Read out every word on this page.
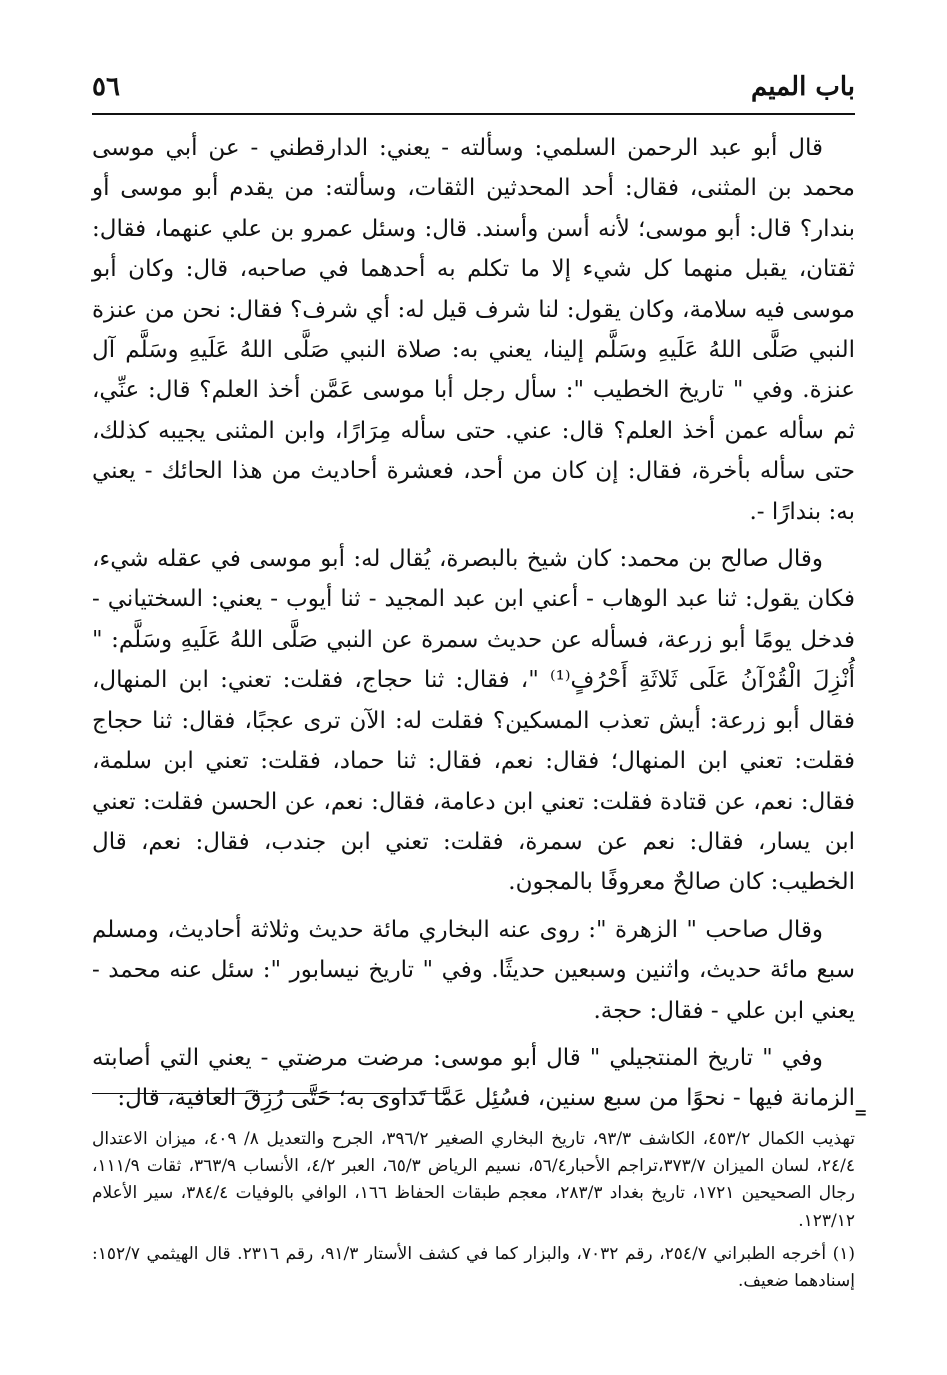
باب الميم
٥٦

قال أبو عبد الرحمن السلمي: وسألته - يعني: الدارقطني - عن أبي موسى محمد بن المثنى، فقال: أحد المحدثين الثقات، وسألته: من يقدم أبو موسى أو بندار؟ قال: أبو موسى؛ لأنه أسن وأسند. قال: وسئل عمرو بن علي عنهما، فقال: ثقتان، يقبل منهما كل شيء إلا ما تكلم به أحدهما في صاحبه، قال: وكان أبو موسى فيه سلامة، وكان يقول: لنا شرف قيل له: أي شرف؟ فقال: نحن من عنزة النبي صَلَّى اللهُ عَلَيهِ وسَلَّم إلينا، يعني به: صلاة النبي صَلَّى اللهُ عَلَيهِ وسَلَّم آل عنزة. وفي " تاريخ الخطيب ": سأل رجل أبا موسى عَمَّن أخذ العلم؟ قال: عنِّي، ثم سأله عمن أخذ العلم؟ قال: عني. حتى سأله مِرَارًا، وابن المثنى يجيبه كذلك، حتى سأله بأخرة، فقال: إن كان من أحد، فعشرة أحاديث من هذا الحائك - يعني به: بندارًا -.

وقال صالح بن محمد: كان شيخ بالبصرة، يُقال له: أبو موسى في عقله شيء، فكان يقول: ثنا عبد الوهاب - أعني ابن عبد المجيد - ثنا أيوب - يعني: السختياني - فدخل يومًا أبو زرعة، فسأله عن حديث سمرة عن النبي صَلَّى اللهُ عَلَيهِ وسَلَّم: " أُنْزِلَ الْقُرْآنُ عَلَى ثَلاثَةِ أَحْرُفٍ⁽¹⁾ "، فقال: ثنا حجاج، فقلت: تعني: ابن المنهال، فقال أبو زرعة: أيش تعذب المسكين؟ فقلت له: الآن ترى عجبًا، فقال: ثنا حجاج فقلت: تعني ابن المنهال؛ فقال: نعم، فقال: ثنا حماد، فقلت: تعني ابن سلمة، فقال: نعم، عن قتادة فقلت: تعني ابن دعامة، فقال: نعم، عن الحسن فقلت: تعني ابن يسار، فقال: نعم عن سمرة، فقلت: تعني ابن جندب، فقال: نعم، قال الخطيب: كان صالحٌ معروفًا بالمجون.

وقال صاحب " الزهرة ": روى عنه البخاري مائة حديث وثلاثة أحاديث، ومسلم سبع مائة حديث، واثنين وسبعين حديثًا. وفي " تاريخ نيسابور ": سئل عنه محمد - يعني ابن علي - فقال: حجة.

وفي " تاريخ المنتجيلي " قال أبو موسى: مرضت مرضتي - يعني التي أصابته الزمانة فيها - نحوًا من سبع سنين، فسُئِل عَمَّا تَداوى به؛ حَتَّى رُزِقَ العافية، قال:

=

تهذيب الكمال ٤٥٣/٢، الكاشف ٩٣/٣، تاريخ البخاري الصغير ٣٩٦/٢، الجرح والتعديل ٨/ ٤٠٩، ميزان الاعتدال ٢٤/٤، لسان الميزان ٣٧٣/٧،تراجم الأحبار٥٦/٤، نسيم الرياض ٦٥/٣، العبر ٤/٢، الأنساب ٣٦٣/٩، ثقات ١١١/٩، رجال الصحيحين ١٧٢١، تاريخ بغداد ٢٨٣/٣، معجم طبقات الحفاظ ١٦٦، الوافي بالوفيات ٣٨٤/٤، سير الأعلام ١٢٣/١٢.

(١) أخرجه الطبراني ٢٥٤/٧، رقم ٧٠٣٢، والبزار كما في كشف الأستار ٩١/٣، رقم ٢٣١٦. قال الهيثمي ١٥٢/٧: إسنادهما ضعيف.
